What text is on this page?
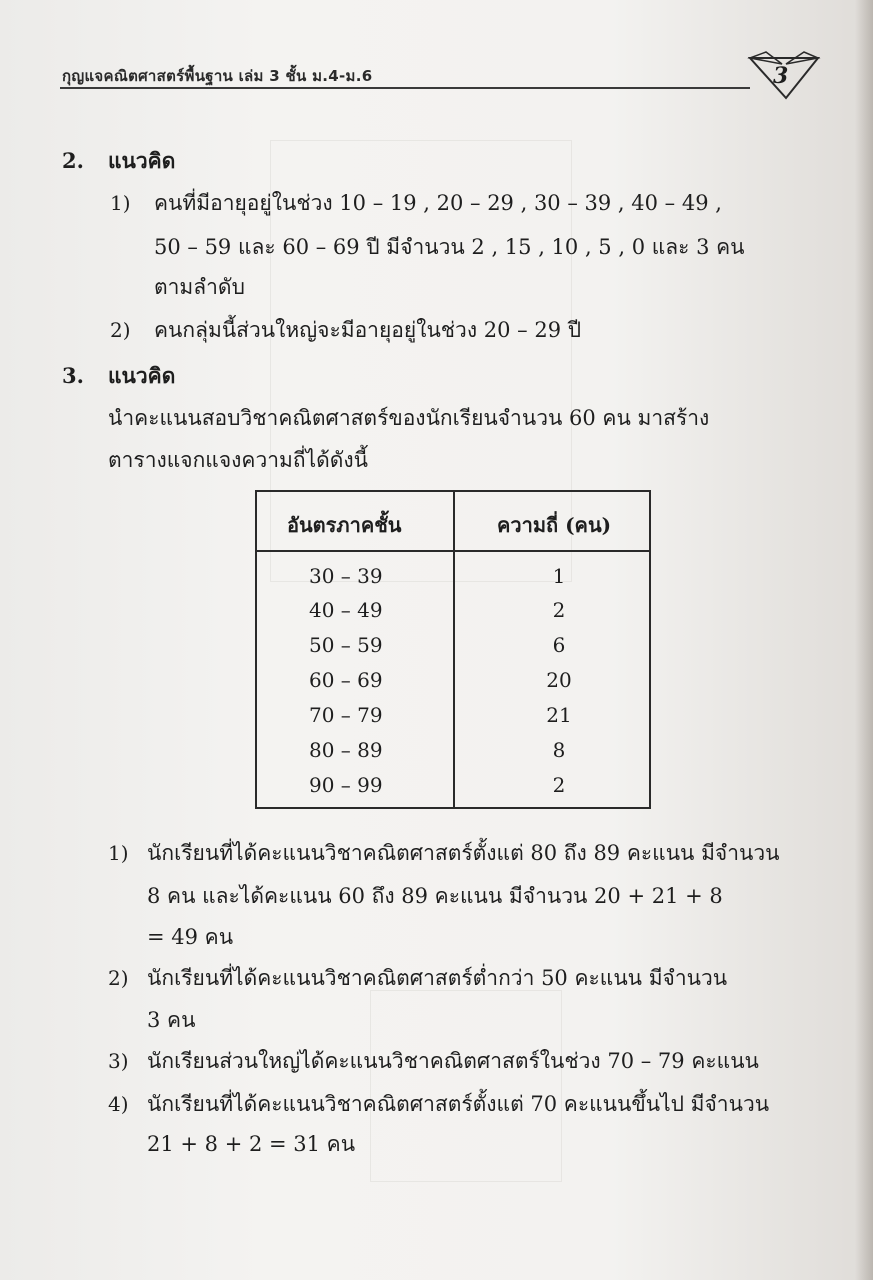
กุญแจคณิตศาสตร์พื้นฐาน เล่ม 3 ชั้น ม.4-ม.6	3
2. แนวคิด
1) คนที่มีอายุอยู่ในช่วง 10 – 19 , 20 – 29 , 30 – 39 , 40 – 49 ,
50 – 59 และ 60 – 69 ปี มีจำนวน 2 , 15 , 10 , 5 , 0 และ 3 คน
ตามลำดับ
2) คนกลุ่มนี้ส่วนใหญ่จะมีอายุอยู่ในช่วง 20 – 29 ปี
3. แนวคิด
นำคะแนนสอบวิชาคณิตศาสตร์ของนักเรียนจำนวน 60 คน มาสร้าง
ตารางแจกแจงความถี่ได้ดังนี้
อันตรภาคชั้น	ความถี่ (คน)
30 – 39	1
40 – 49	2
50 – 59	6
60 – 69	20
70 – 79	21
80 – 89	8
90 – 99	2
1) นักเรียนที่ได้คะแนนวิชาคณิตศาสตร์ตั้งแต่ 80 ถึง 89 คะแนน มีจำนวน
8 คน และได้คะแนน 60 ถึง 89 คะแนน มีจำนวน 20 + 21 + 8
= 49 คน
2) นักเรียนที่ได้คะแนนวิชาคณิตศาสตร์ต่ำกว่า 50 คะแนน มีจำนวน
3 คน
3) นักเรียนส่วนใหญ่ได้คะแนนวิชาคณิตศาสตร์ในช่วง 70 – 79 คะแนน
4) นักเรียนที่ได้คะแนนวิชาคณิตศาสตร์ตั้งแต่ 70 คะแนนขึ้นไป มีจำนวน
21 + 8 + 2 = 31 คน
